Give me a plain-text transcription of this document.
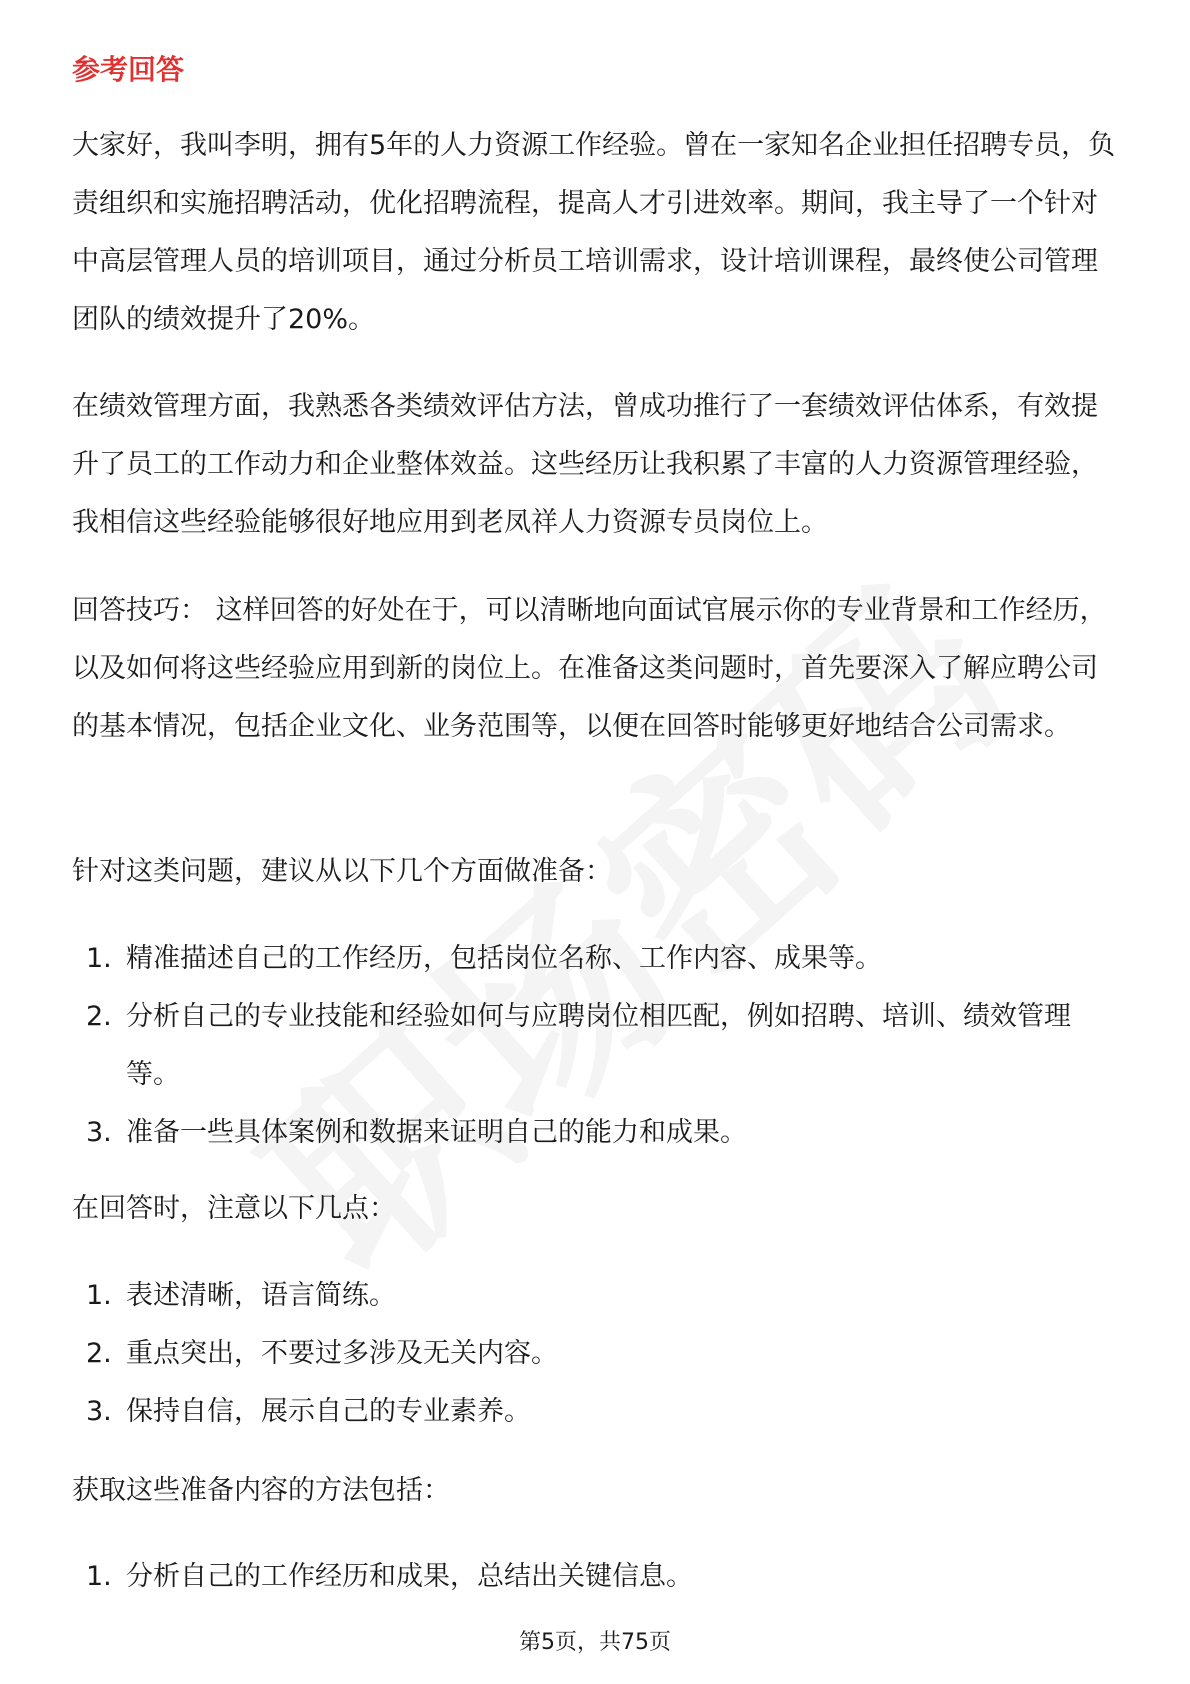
参考回答

大家好，我叫李明，拥有5年的人力资源工作经验。曾在一家知名企业担任招聘专员，负责组织和实施招聘活动，优化招聘流程，提高人才引进效率。期间，我主导了一个针对中高层管理人员的培训项目，通过分析员工培训需求，设计培训课程，最终使公司管理团队的绩效提升了20%。

在绩效管理方面，我熟悉各类绩效评估方法，曾成功推行了一套绩效评估体系，有效提升了员工的工作动力和企业整体效益。这些经历让我积累了丰富的人力资源管理经验，我相信这些经验能够很好地应用到老凤祥人力资源专员岗位上。

回答技巧： 这样回答的好处在于，可以清晰地向面试官展示你的专业背景和工作经历，以及如何将这些经验应用到新的岗位上。在准备这类问题时，首先要深入了解应聘公司的基本情况，包括企业文化、业务范围等，以便在回答时能够更好地结合公司需求。

针对这类问题，建议从以下几个方面做准备：

1. 精准描述自己的工作经历，包括岗位名称、工作内容、成果等。
2. 分析自己的专业技能和经验如何与应聘岗位相匹配，例如招聘、培训、绩效管理等。
3. 准备一些具体案例和数据来证明自己的能力和成果。

在回答时，注意以下几点：

1. 表述清晰，语言简练。
2. 重点突出，不要过多涉及无关内容。
3. 保持自信，展示自己的专业素养。

获取这些准备内容的方法包括：

1. 分析自己的工作经历和成果，总结出关键信息。
第5页，共75页
